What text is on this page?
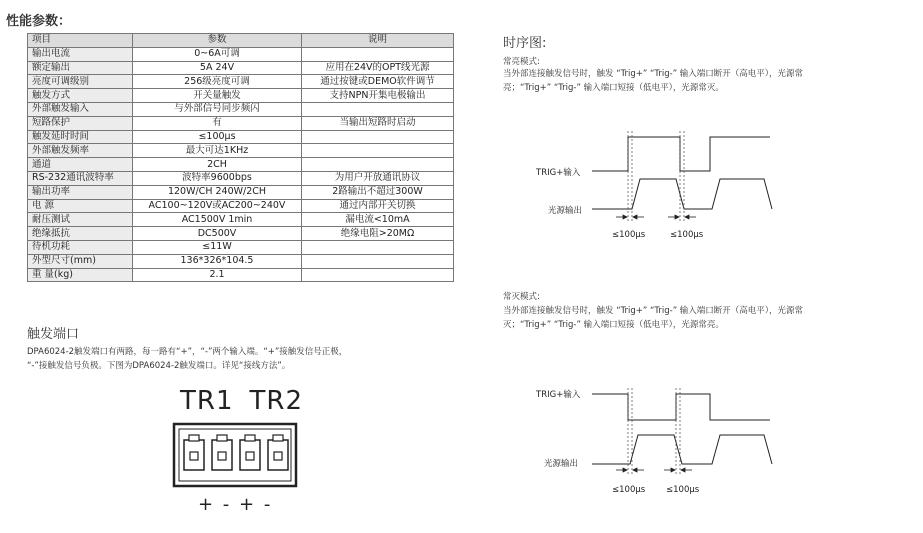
性能参数：
项目	参数	说明
输出电流	0~6A可调	
额定输出	5A 24V	应用在24V的OPT线光源
亮度可调级别	256级亮度可调	通过按键或DEMO软件调节
触发方式	开关量触发	支持NPN开集电极输出
外部触发输入	与外部信号同步频闪	
短路保护	有	当输出短路时启动
触发延时时间	≤100μs	
外部触发频率	最大可达1KHz	
通道	2CH	
RS-232通讯波特率	波特率9600bps	为用户开放通讯协议
输出功率	120W/CH 240W/2CH	2路输出不超过300W
电 源	AC100~120V或AC200~240V	通过内部开关切换
耐压测试	AC1500V 1min	漏电流<10mA
绝缘抵抗	DC500V	绝缘电阻>20MΩ
待机功耗	≤11W	
外型尺寸(mm)	136*326*104.5	
重 量(kg)	2.1	
触发端口
DPA6024-2触发端口有两路，每一路有“+”，“-”两个输入端。“+”接触发信号正极，
“-”接触发信号负极。下图为DPA6024-2触发端口。详见“接线方法”。
TR1 TR2
+ - + -
时序图:
常亮模式:
当外部连接触发信号时，触发 “Trig+” “Trig-” 输入端口断开（高电平），光源常
亮；“Trig+” “Trig-” 输入端口短接（低电平），光源常灭。
TRIG+输入
光源输出
≤100μs	≤100μs
常灭模式:
当外部连接触发信号时，触发 “Trig+” “Trig-” 输入端口断开（高电平），光源常
灭；“Trig+” “Trig-” 输入端口短接（低电平），光源常亮。
TRIG+输入
光源输出
≤100μs ≤100μs
